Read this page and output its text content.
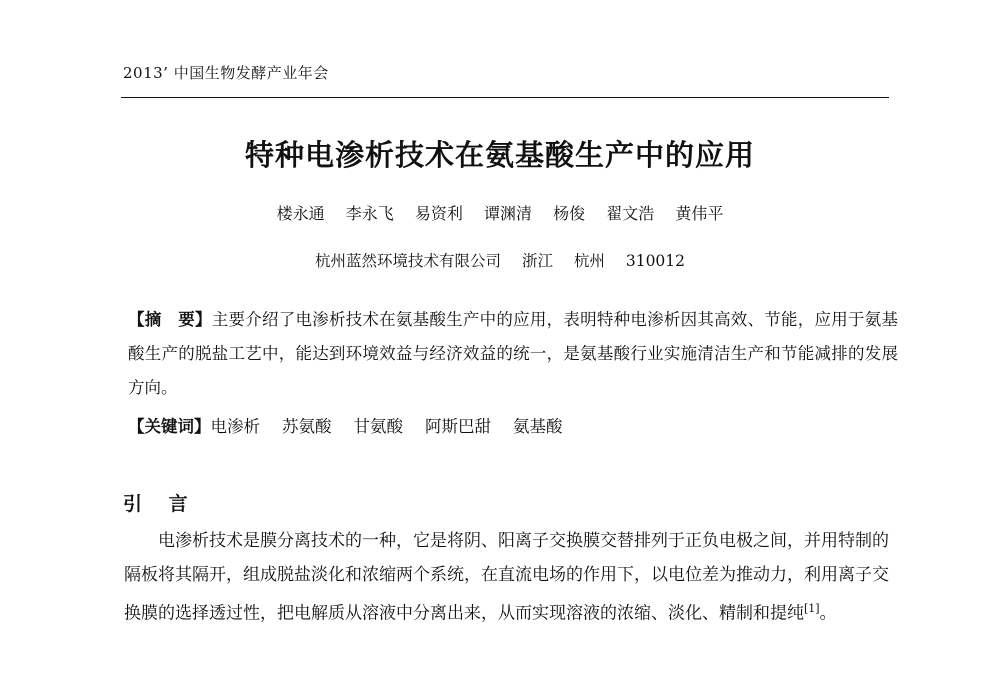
2013’ 中国生物发酵产业年会
特种电渗析技术在氨基酸生产中的应用
楼永通 李永飞 易资利 谭渊清 杨俊 翟文浩 黄伟平
杭州蓝然环境技术有限公司 浙江 杭州 310012

【摘　要】主要介绍了电渗析技术在氨基酸生产中的应用，表明特种电渗析因其高效、节能，应用于氨基酸生产的脱盐工艺中，能达到环境效益与经济效益的统一，是氨基酸行业实施清洁生产和节能减排的发展方向。

【关键词】电渗析 苏氨酸 甘氨酸 阿斯巴甜 氨基酸

引 言

电渗析技术是膜分离技术的一种，它是将阴、阳离子交换膜交替排列于正负电极之间，并用特制的隔板将其隔开，组成脱盐淡化和浓缩两个系统，在直流电场的作用下，以电位差为推动力，利用离子交换膜的选择透过性，把电解质从溶液中分离出来，从而实现溶液的浓缩、淡化、精制和提纯[1]。
